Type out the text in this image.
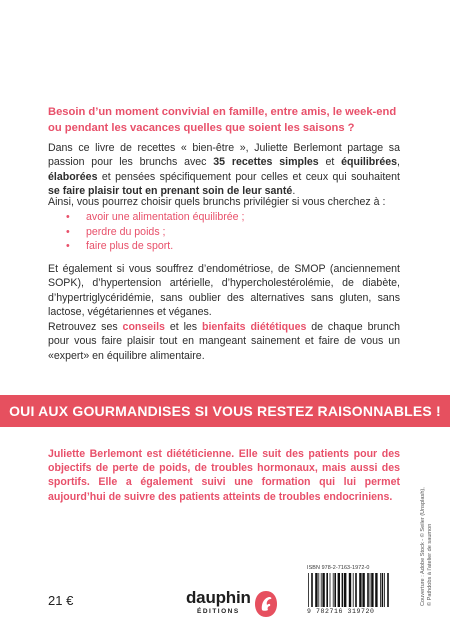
Besoin d’un moment convivial en famille, entre amis, le week-end ou pendant les vacances quelles que soient les saisons ?

Dans ce livre de recettes « bien-être », Juliette Berlemont partage sa passion pour les brunchs avec 35 recettes simples et équilibrées, élaborées et pensées spécifiquement pour celles et ceux qui souhaitent se faire plaisir tout en prenant soin de leur santé.

Ainsi, vous pourrez choisir quels brunchs privilégier si vous cherchez à :

• avoir une alimentation équilibrée ;
• perdre du poids ;
• faire plus de sport.

Et également si vous souffrez d’endométriose, de SMOP (anciennement SOPK), d’hypertension artérielle, d’hypercholestérolémie, de diabète, d’hypertriglycéridémie, sans oublier des alternatives sans gluten, sans lactose, végétariennes et véganes.

Retrouvez ses conseils et les bienfaits diététiques de chaque brunch pour vous faire plaisir tout en mangeant sainement et faire de vous un «expert» en équilibre alimentaire.

OUI AUX GOURMANDISES SI VOUS RESTEZ RAISONNABLES !

Juliette Berlemont est diététicienne. Elle suit des patients pour des objectifs de perte de poids, de troubles hormonaux, mais aussi des sportifs. Elle a également suivi une formation qui lui permet aujourd’hui de suivre des patients atteints de troubles endocriniens.

21 €	dauphin
ÉDITIONS
ISBN 978-2-7163-1972-0
9 782716 319720
Couverture : Adobe Stock - © Seiler (Unsplash), © Pathdobs à l'atelier de saumon
